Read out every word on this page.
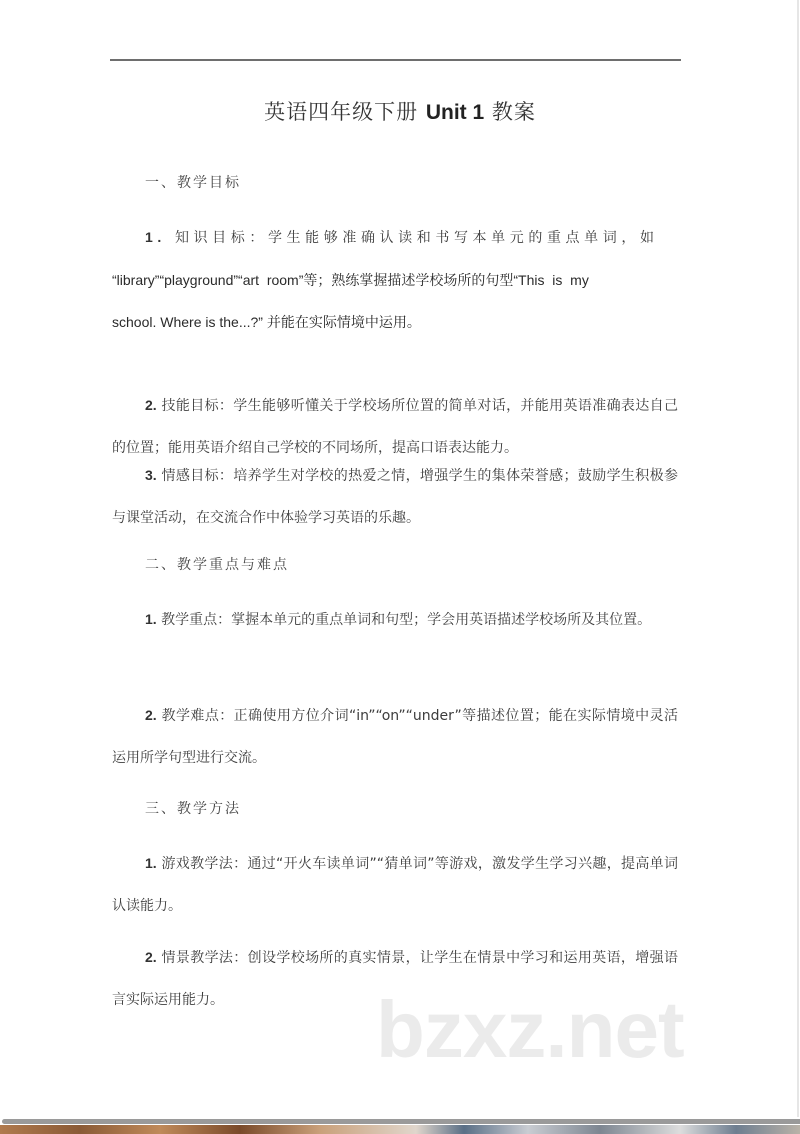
英语四年级下册 Unit 1 教案
一、教学目标
1. 知识目标：学生能够准确认读和书写本单元的重点单词，如
“library”“playground”“art  room”等；熟练掌握描述学校场所的句型“This  is  my
school. Where is the...?” 并能在实际情境中运用。
2. 技能目标：学生能够听懂关于学校场所位置的简单对话，并能用英语准确表达自己的位置；能用英语介绍自己学校的不同场所，提高口语表达能力。
3. 情感目标：培养学生对学校的热爱之情，增强学生的集体荣誉感；鼓励学生积极参与课堂活动，在交流合作中体验学习英语的乐趣。
二、教学重点与难点
1. 教学重点：掌握本单元的重点单词和句型；学会用英语描述学校场所及其位置。
2. 教学难点：正确使用方位介词“in”“on”“under”等描述位置；能在实际情境中灵活运用所学句型进行交流。
三、教学方法
1. 游戏教学法：通过“开火车读单词”“猜单词”等游戏，激发学生学习兴趣，提高单词认读能力。
2. 情景教学法：创设学校场所的真实情景，让学生在情景中学习和运用英语，增强语言实际运用能力。	bzxz.net
